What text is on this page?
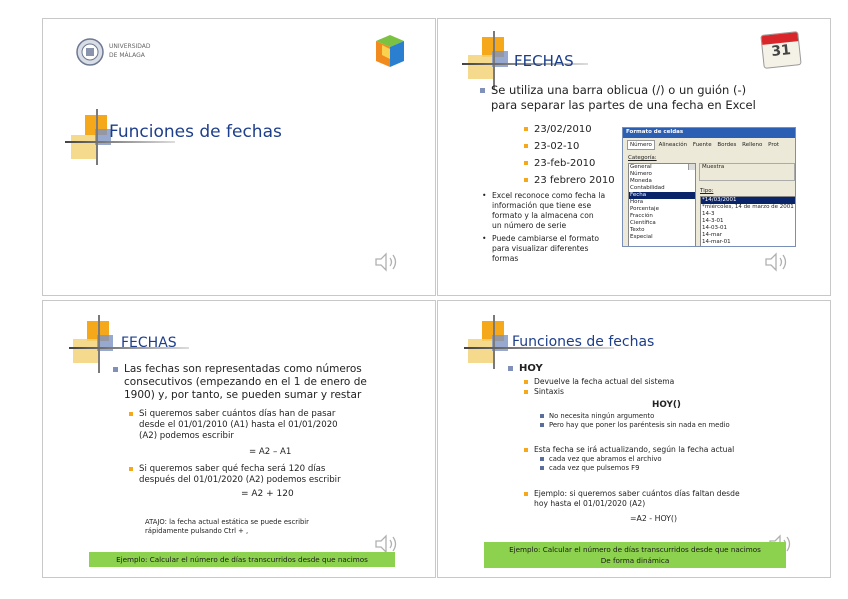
UNIVERSIDAD
DE MÁLAGA
Funciones de fechas
FECHAS
31
Se utiliza una barra oblicua (/) o un guión (-)
para separar las partes de una fecha en Excel
23/02/2010
23-02-10
23-feb-2010
23 febrero 2010
• Excel reconoce como fecha la
información que tiene ese
formato y la almacena con
un número de serie
• Puede cambiarse el formato
para visualizar diferentes
formas
Formato de celdas
Número Alineación Fuente Bordes Relleno Prot
Categoría:
General
Número
Moneda
Contabilidad
Fecha
Hora
Porcentaje
Fracción
Científica
Texto
Especial
Muestra
Tipo:
*14/03/2001
*miércoles, 14 de marzo de 2001
14-3
14-3-01
14-03-01
14-mar
14-mar-01
FECHAS
Las fechas son representadas como números
consecutivos (empezando en el 1 de enero de
1900) y, por tanto, se pueden sumar y restar
Si queremos saber cuántos días han de pasar
desde el 01/01/2010 (A1) hasta el 01/01/2020
(A2) podemos escribir
= A2 – A1
Si queremos saber qué fecha será 120 días
después del 01/01/2020 (A2) podemos escribir
= A2 + 120
ATAJO: la fecha actual estática se puede escribir
rápidamente pulsando Ctrl + ,
Ejemplo: Calcular el número de días transcurridos desde que nacimos
Funciones de fechas
HOY
Devuelve la fecha actual del sistema
Sintaxis
HOY()
No necesita ningún argumento
Pero hay que poner los paréntesis sin nada en medio
Esta fecha se irá actualizando, según la fecha actual
cada vez que abramos el archivo
cada vez que pulsemos F9
Ejemplo: si queremos saber cuántos días faltan desde
hoy hasta el 01/01/2020 (A2)
=A2 - HOY()
Ejemplo: Calcular el número de días transcurridos desde que nacimos
De forma dinámica
